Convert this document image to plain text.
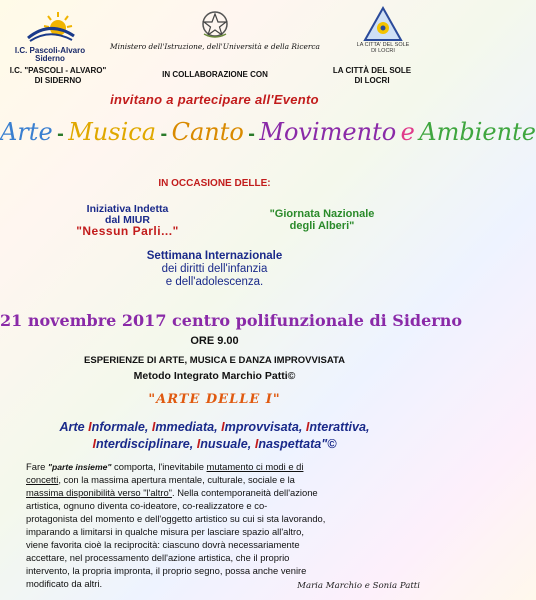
I.C. Pascoli-Alvaro
Siderno
Ministero dell'Istruzione, dell'Università e della Ricerca	LA CITTA' DEL SOLE
DI LOCRI
I.C. "PASCOLI - ALVARO"
DI SIDERNO
IN COLLABORAZIONE CON	LA CITTÀ DEL SOLE
DI LOCRI
invitano a partecipare all'Evento
Arte - Musica - Canto - Movimento e Ambiente
IN OCCASIONE DELLE:
Iniziativa Indetta
dal MIUR
"Nessun Parli..."
"Giornata Nazionale
degli Alberi"
Settimana Internazionale
dei diritti dell'infanzia
e dell'adolescenza.
21 novembre 2017 centro polifunzionale di Siderno
ORE 9.00
ESPERIENZE DI ARTE, MUSICA E DANZA IMPROVVISATA
Metodo Integrato Marchio Patti©
"ARTE DELLE I"
Arte Informale, Immediata, Improvvisata, Interattiva,
Interdisciplinare, Inusuale, Inaspettata"©
Fare "parte insieme" comporta, l'inevitabile mutamento ci modi e di
concetti, con la massima apertura mentale, culturale, sociale e la
massima disponibilità verso "l'altro". Nella contemporaneità dell'azione
artistica, ognuno diventa co-ideatore, co-realizzatore e co-
protagonista del momento e dell'oggetto artistico su cui si sta lavorando,
imparando a limitarsi in qualche misura per lasciare spazio all'altro,
viene favorita cioè la reciprocità: ciascuno dovrà necessariamente
accettare, nel processamento dell'azione artistica, che il proprio
intervento, la propria impronta, il proprio segno, possa anche venire
modificato da altri.	Maria Marchio e Sonia Patti
